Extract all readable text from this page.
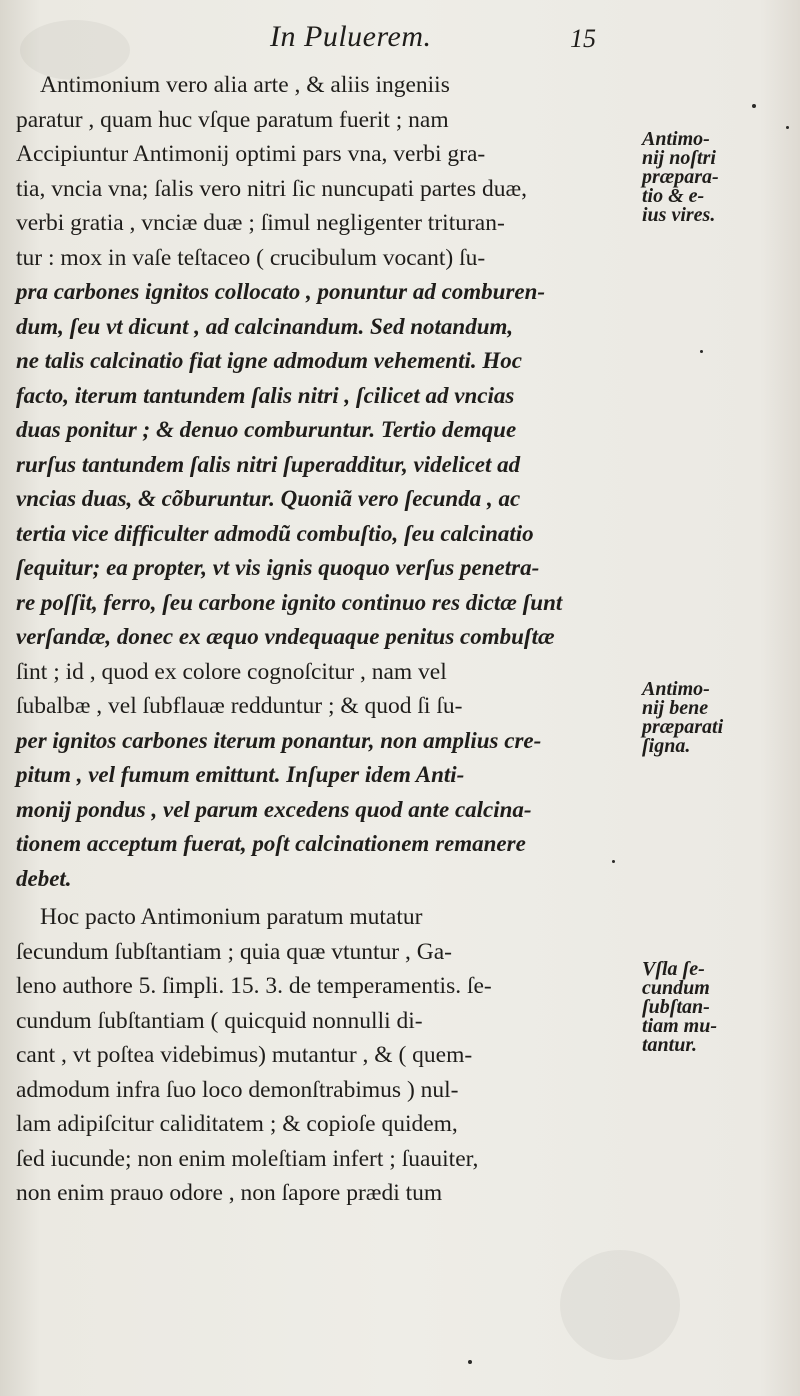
In Puluerem.	15
Antimonium vero alia arte , & aliis ingeniis
paratur , quam huc vſque paratum fuerit ; nam
Accipiuntur Antimonij optimi pars vna, verbi gra-
tia, vncia vna; ſalis vero nitri ſic nuncupati partes duæ,
verbi gratia , vnciæ duæ ; ſimul negligenter trituran-
tur : mox in vaſe teſtaceo ( crucibulum vocant) ſu-
pra carbones ignitos collocato , ponuntur ad comburen-
dum, ſeu vt dicunt , ad calcinandum. Sed notandum,
ne talis calcinatio fiat igne admodum vehementi. Hoc
facto, iterum tantundem ſalis nitri , ſcilicet ad vncias
duas ponitur ; & denuo comburuntur. Tertio demque
rurſus tantundem ſalis nitri ſuperadditur, videlicet ad
vncias duas, & cõburuntur. Quoniã vero ſecunda , ac
tertia vice difficulter admodũ combuſtio, ſeu calcinatio
ſequitur; ea propter, vt vis ignis quoquo verſus penetra-
re poſſit, ferro, ſeu carbone ignito continuo res dictæ ſunt
verſandæ, donec ex æquo vndequaque penitus combuſtæ
ſint ; id , quod ex colore cognoſcitur , nam vel
ſubalbæ , vel ſubflauæ redduntur ; & quod ſi ſu-
per ignitos carbones iterum ponantur, non amplius cre-
pitum , vel fumum emittunt. Inſuper idem Anti-
monij pondus , vel parum excedens quod ante calcina-
tionem acceptum fuerat, poſt calcinationem remanere
debet.
Hoc pacto Antimonium paratum mutatur
ſecundum ſubſtantiam ; quia quæ vtuntur , Ga-
leno authore 5. ſimpli. 15. 3. de temperamentis. ſe-
cundum ſubſtantiam ( quicquid nonnulli di-
cant , vt poſtea videbimus) mutantur , & ( quem-
admodum infra ſuo loco demonſtrabimus ) nul-
lam adipiſcitur caliditatem ; & copioſe quidem,
ſed iucunde; non enim moleſtiam infert ; ſuauiter,
non enim prauo odore , non ſapore prædi tum
Antimo-
nij noſtri
præpara-
tio & e-
ius vires.
Antimo-
nij bene
præparati
ſigna.
Vſla ſe-
cundum
ſubſtan-
tiam mu-
tantur.
